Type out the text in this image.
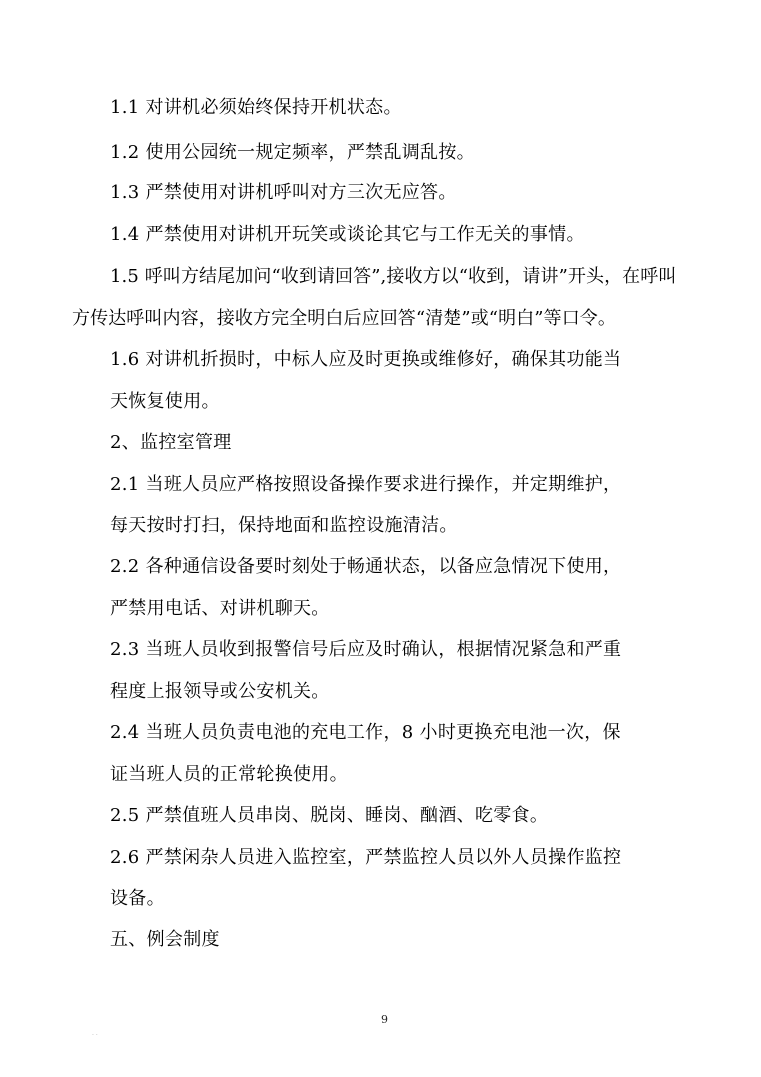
1.1 对讲机必须始终保持开机状态。
1.2 使用公园统一规定频率，严禁乱调乱按。
1.3 严禁使用对讲机呼叫对方三次无应答。
1.4 严禁使用对讲机开玩笑或谈论其它与工作无关的事情。
1.5 呼叫方结尾加问“收到请回答”,接收方以“收到，请讲”开头，在呼叫
方传达呼叫内容，接收方完全明白后应回答“清楚”或“明白”等口令。
1.6 对讲机折损时，中标人应及时更换或维修好，确保其功能当
天恢复使用。
2、监控室管理
2.1 当班人员应严格按照设备操作要求进行操作，并定期维护，
每天按时打扫，保持地面和监控设施清洁。
2.2 各种通信设备要时刻处于畅通状态，以备应急情况下使用，
严禁用电话、对讲机聊天。
2.3 当班人员收到报警信号后应及时确认，根据情况紧急和严重
程度上报领导或公安机关。
2.4 当班人员负责电池的充电工作，8 小时更换充电池一次，保
证当班人员的正常轮换使用。
2.5 严禁值班人员串岗、脱岗、睡岗、酗酒、吃零食。
2.6 严禁闲杂人员进入监控室，严禁监控人员以外人员操作监控
设备。
五、例会制度
9
. .
